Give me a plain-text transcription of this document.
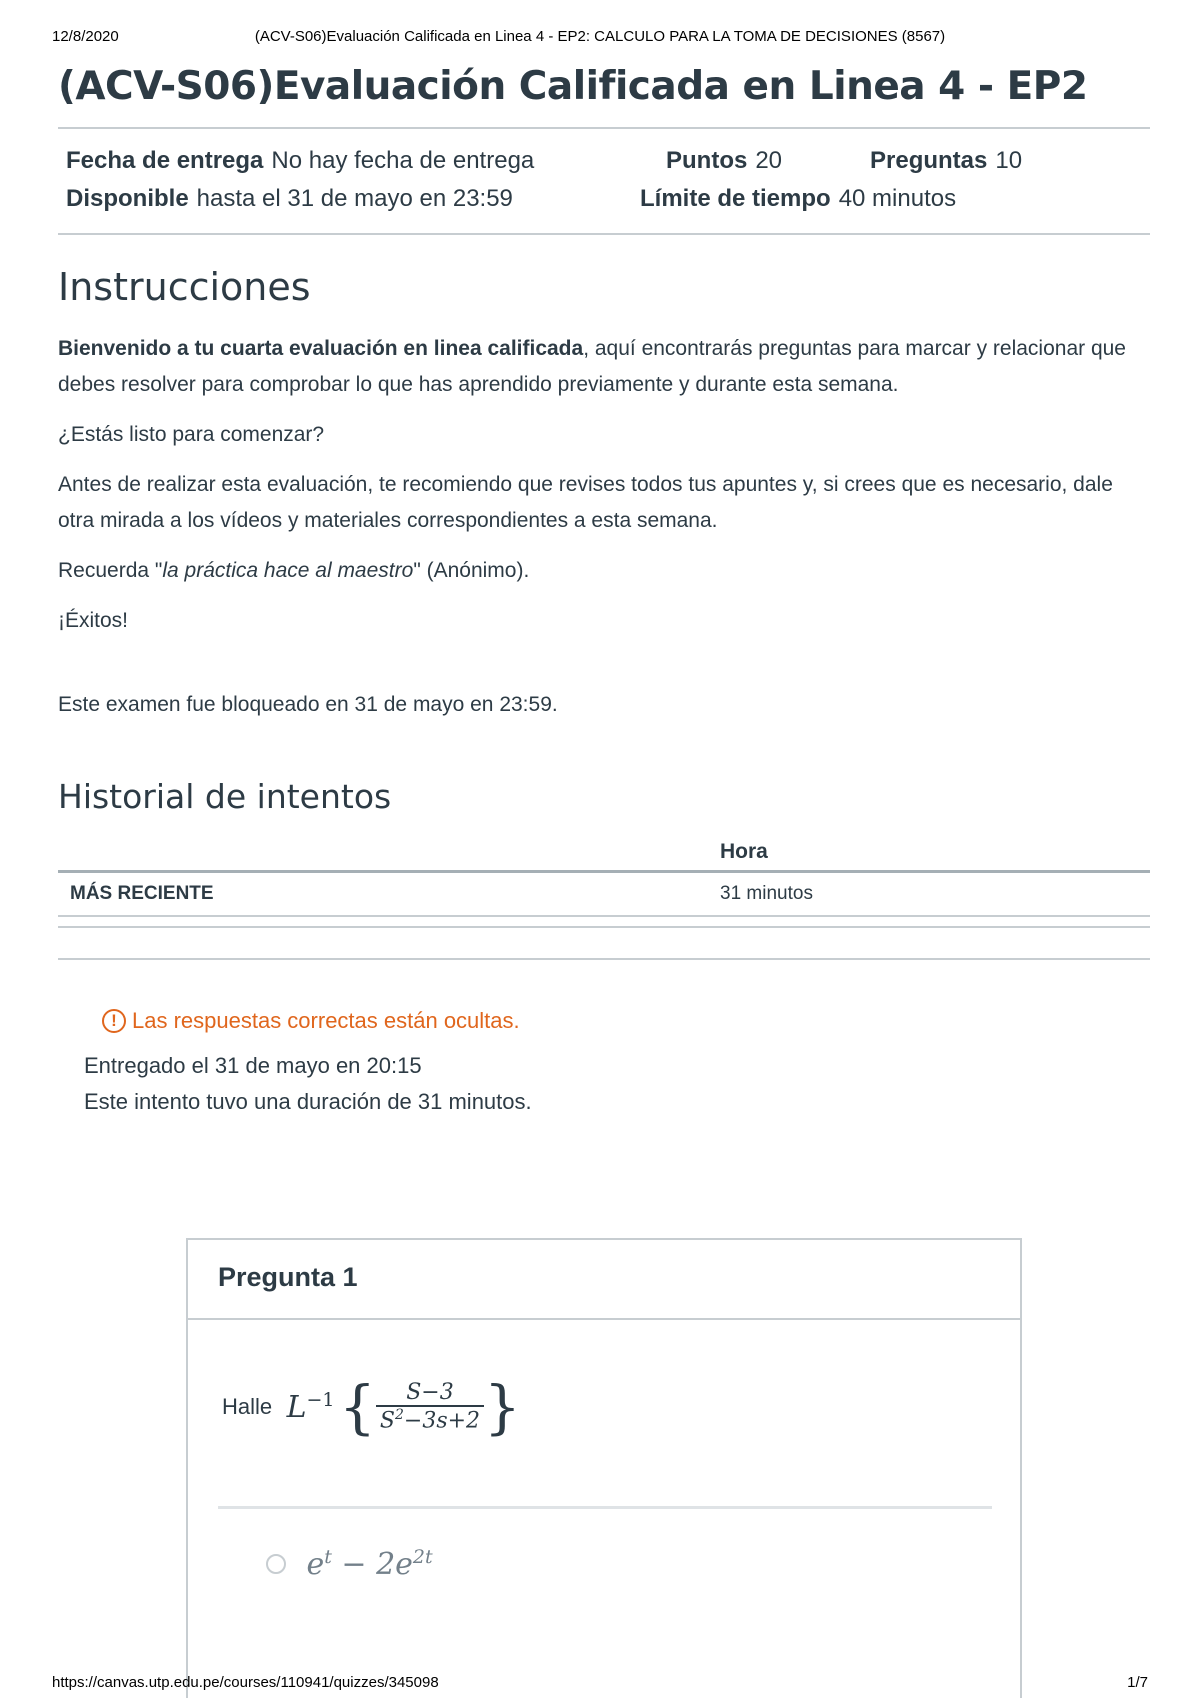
12/8/2020	(ACV-S06)Evaluación Calificada en Linea 4 - EP2: CALCULO PARA LA TOMA DE DECISIONES (8567)
(ACV-S06)Evaluación Calificada en Linea 4 - EP2
Fecha de entrega No hay fecha de entrega	Puntos 20	Preguntas 10
Disponible hasta el 31 de mayo en 23:59	Límite de tiempo 40 minutos
Instrucciones

Bienvenido a tu cuarta evaluación en linea calificada, aquí encontrarás preguntas para marcar y relacionar que debes resolver para comprobar lo que has aprendido previamente y durante esta semana.

¿Estás listo para comenzar?

Antes de realizar esta evaluación, te recomiendo que revises todos tus apuntes y, si crees que es necesario, dale otra mirada a los vídeos y materiales correspondientes a esta semana.

Recuerda "la práctica hace al maestro" (Anónimo).

¡Éxitos!

Este examen fue bloqueado en 31 de mayo en 23:59.

Historial de intentos
	Hora
MÁS RECIENTE	31 minutos

! Las respuestas correctas están ocultas.

Entregado el 31 de mayo en 20:15

Este intento tuvo una duración de 31 minutos.

Pregunta 1
Halle $L^{-1}$ { $\frac{S-3}{S^2-3s+2}$ }
$e^t - 2e^{2t}$
https://canvas.utp.edu.pe/courses/110941/quizzes/345098	1/7
